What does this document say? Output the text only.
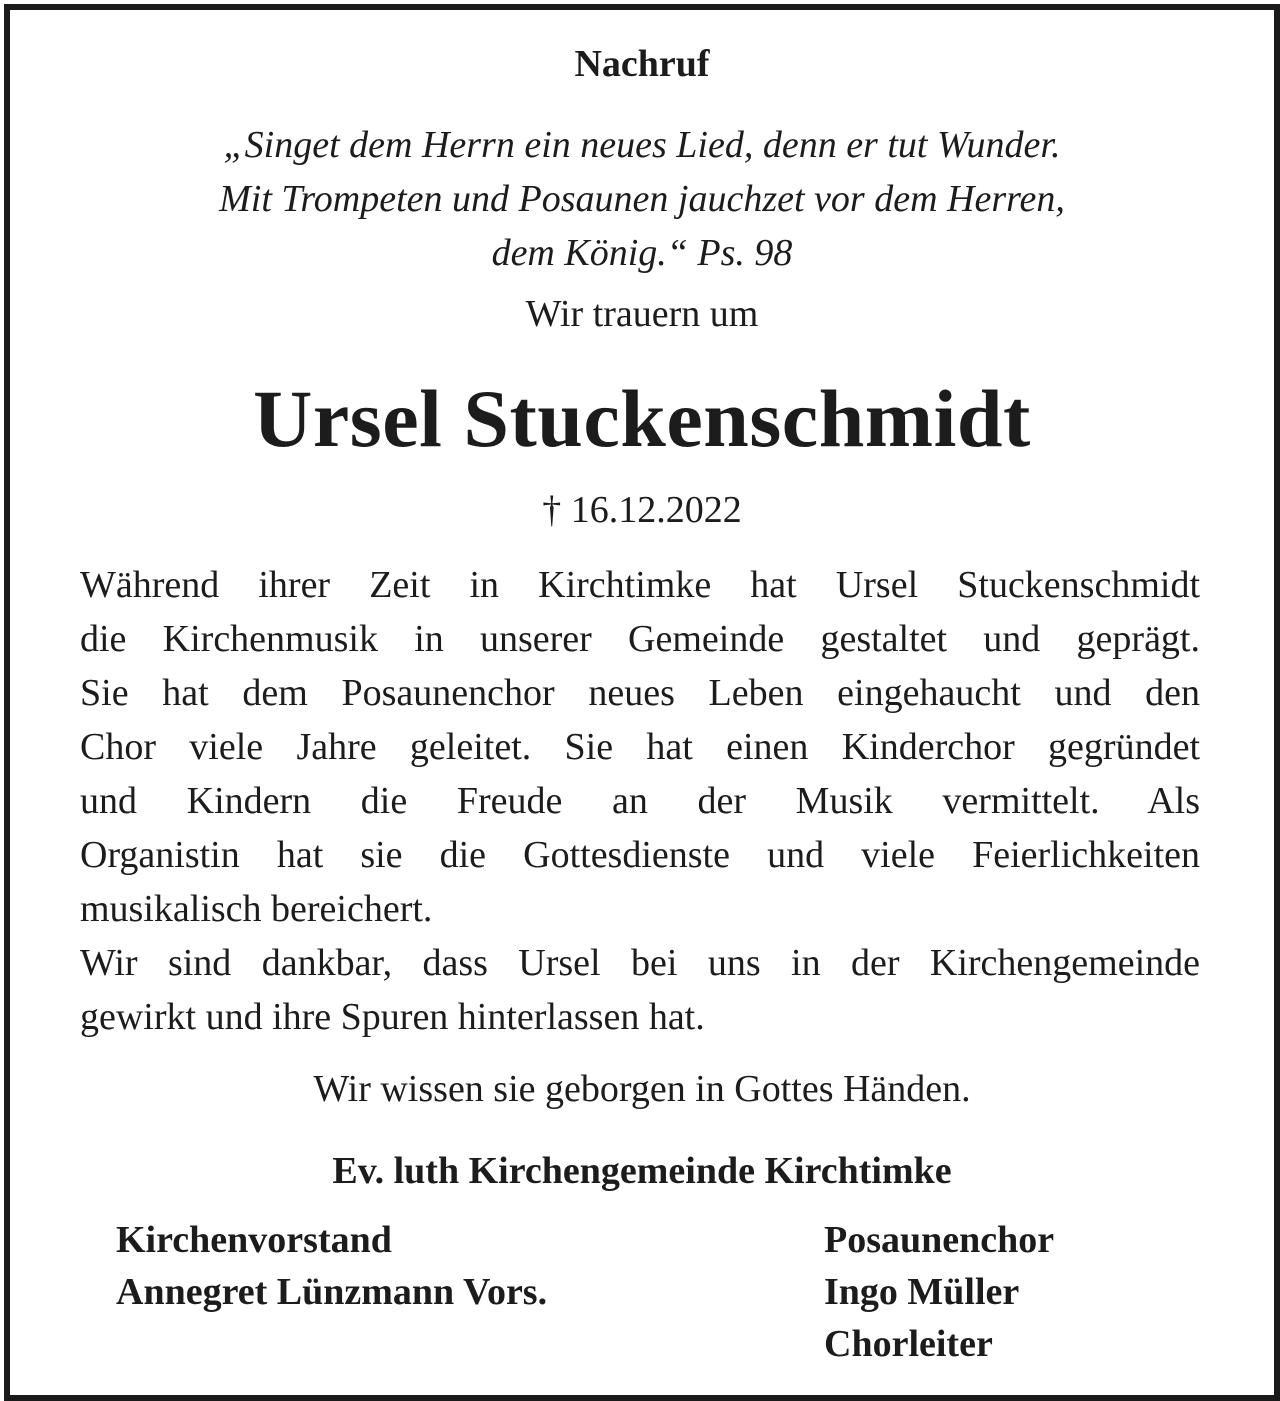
Nachruf
„Singet dem Herrn ein neues Lied, denn er tut Wunder.
Mit Trompeten und Posaunen jauchzet vor dem Herren,
dem König.“ Ps. 98
Wir trauern um
Ursel Stuckenschmidt
† 16.12.2022
Während ihrer Zeit in Kirchtimke hat Ursel Stuckenschmidt
die Kirchenmusik in unserer Gemeinde gestaltet und geprägt.
Sie hat dem Posaunenchor neues Leben eingehaucht und den
Chor viele Jahre geleitet. Sie hat einen Kinderchor gegründet
und Kindern die Freude an der Musik vermittelt. Als
Organistin hat sie die Gottesdienste und viele Feierlichkeiten
musikalisch bereichert.
Wir sind dankbar, dass Ursel bei uns in der Kirchengemeinde
gewirkt und ihre Spuren hinterlassen hat.
Wir wissen sie geborgen in Gottes Händen.
Ev. luth Kirchengemeinde Kirchtimke
Kirchenvorstand
Annegret Lünzmann Vors.
Posaunenchor
Ingo Müller
Chorleiter
